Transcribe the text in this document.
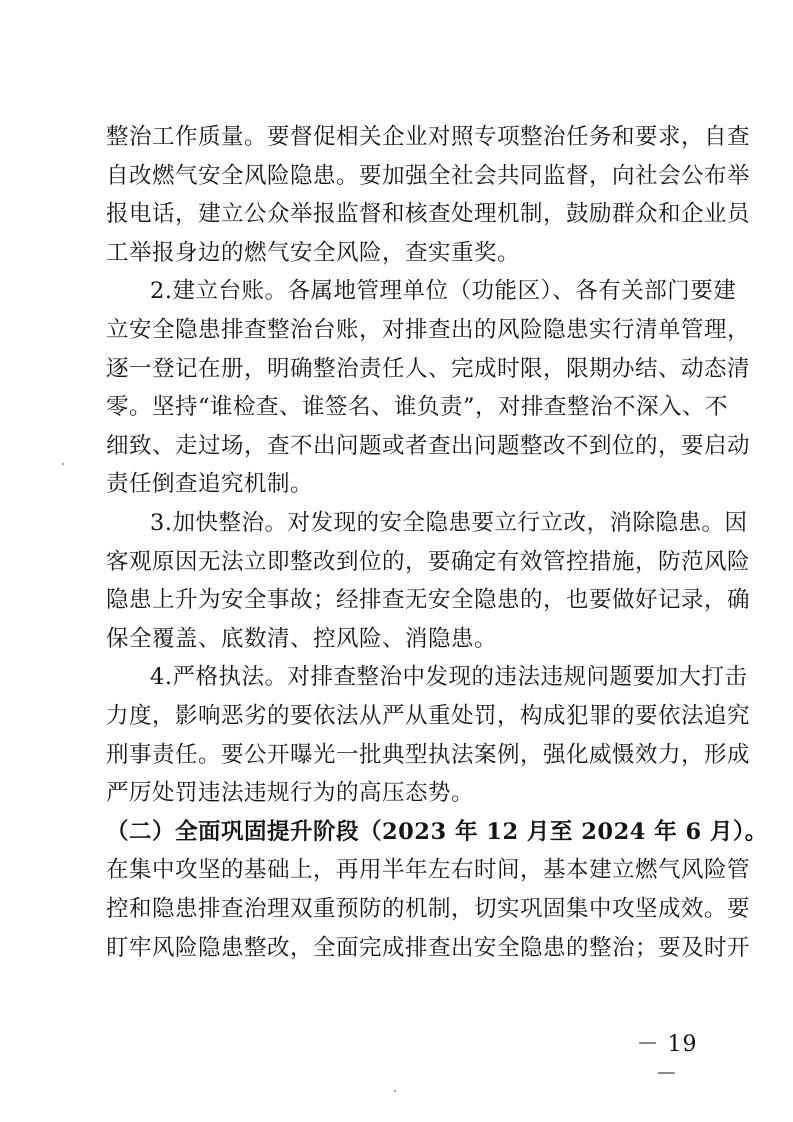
整治工作质量。要督促相关企业对照专项整治任务和要求，自查
自改燃气安全风险隐患。要加强全社会共同监督，向社会公布举
报电话，建立公众举报监督和核查处理机制，鼓励群众和企业员
工举报身边的燃气安全风险，查实重奖。
2.建立台账。各属地管理单位（功能区）、各有关部门要建
立安全隐患排查整治台账，对排查出的风险隐患实行清单管理，
逐一登记在册，明确整治责任人、完成时限，限期办结、动态清
零。坚持“谁检查、谁签名、谁负责”，对排查整治不深入、不
细致、走过场，查不出问题或者查出问题整改不到位的，要启动
责任倒查追究机制。
3.加快整治。对发现的安全隐患要立行立改，消除隐患。因
客观原因无法立即整改到位的，要确定有效管控措施，防范风险
隐患上升为安全事故；经排查无安全隐患的，也要做好记录，确
保全覆盖、底数清、控风险、消隐患。
4.严格执法。对排查整治中发现的违法违规问题要加大打击
力度，影响恶劣的要依法从严从重处罚，构成犯罪的要依法追究
刑事责任。要公开曝光一批典型执法案例，强化威慑效力，形成
严厉处罚违法违规行为的高压态势。
（二）全面巩固提升阶段（2023 年 12 月至 2024 年 6 月）。
在集中攻坚的基础上，再用半年左右时间，基本建立燃气风险管
控和隐患排查治理双重预防的机制，切实巩固集中攻坚成效。要
盯牢风险隐患整改，全面完成排查出安全隐患的整治；要及时开
－ 19 －
